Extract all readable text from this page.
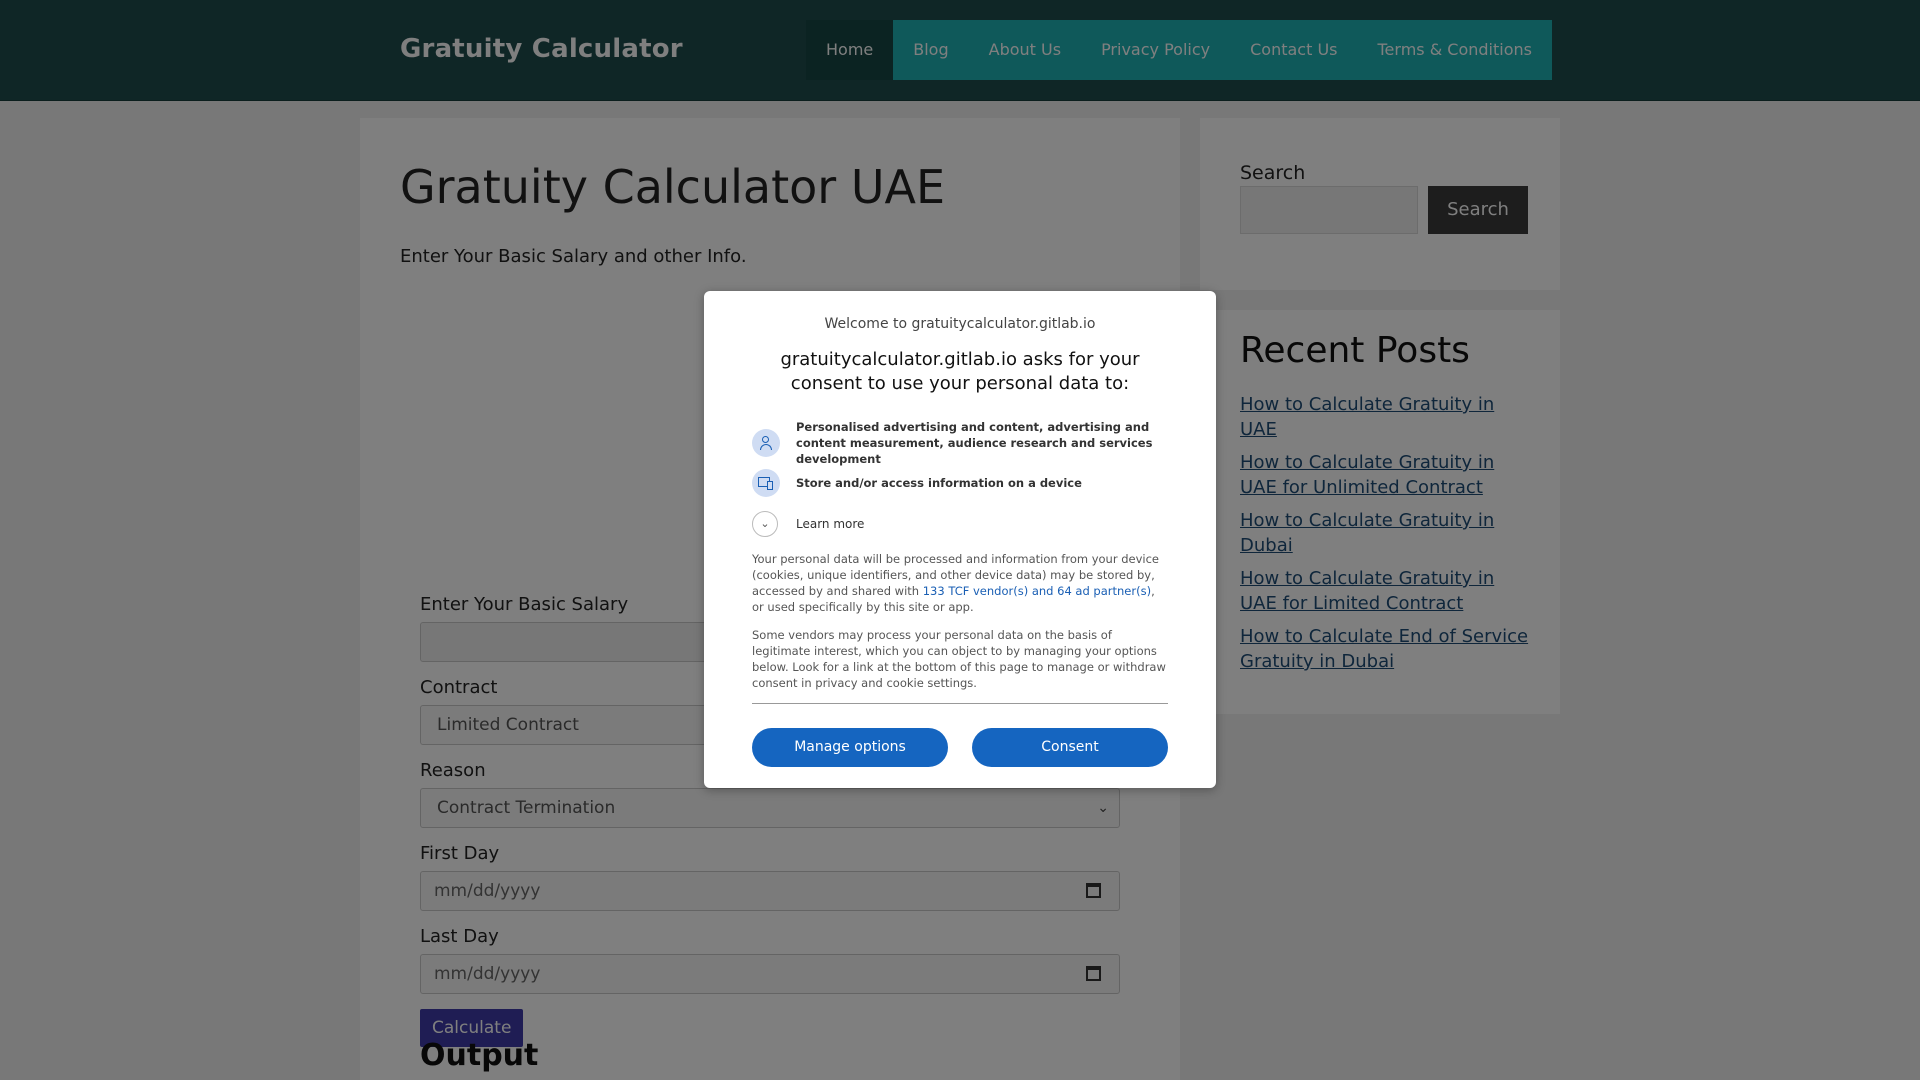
Welcome to gratuitycalculator.gitlab.io
gratuitycalculator.gitlab.io asks for your consent to use your personal data to:
Personalised advertising and content, advertising and content measurement, audience research and services development
Store and/or access information on a device
⌄	Learn more
Your personal data will be processed and information from your device (cookies, unique identifiers, and other device data) may be stored by, accessed by and shared with 133 TCF vendor(s) and 64 ad partner(s), or used specifically by this site or app.
Some vendors may process your personal data on the basis of legitimate interest, which you can object to by managing your options below. Look for a link at the bottom of this page to manage or withdraw consent in privacy and cookie settings.
Manage options	Consent
